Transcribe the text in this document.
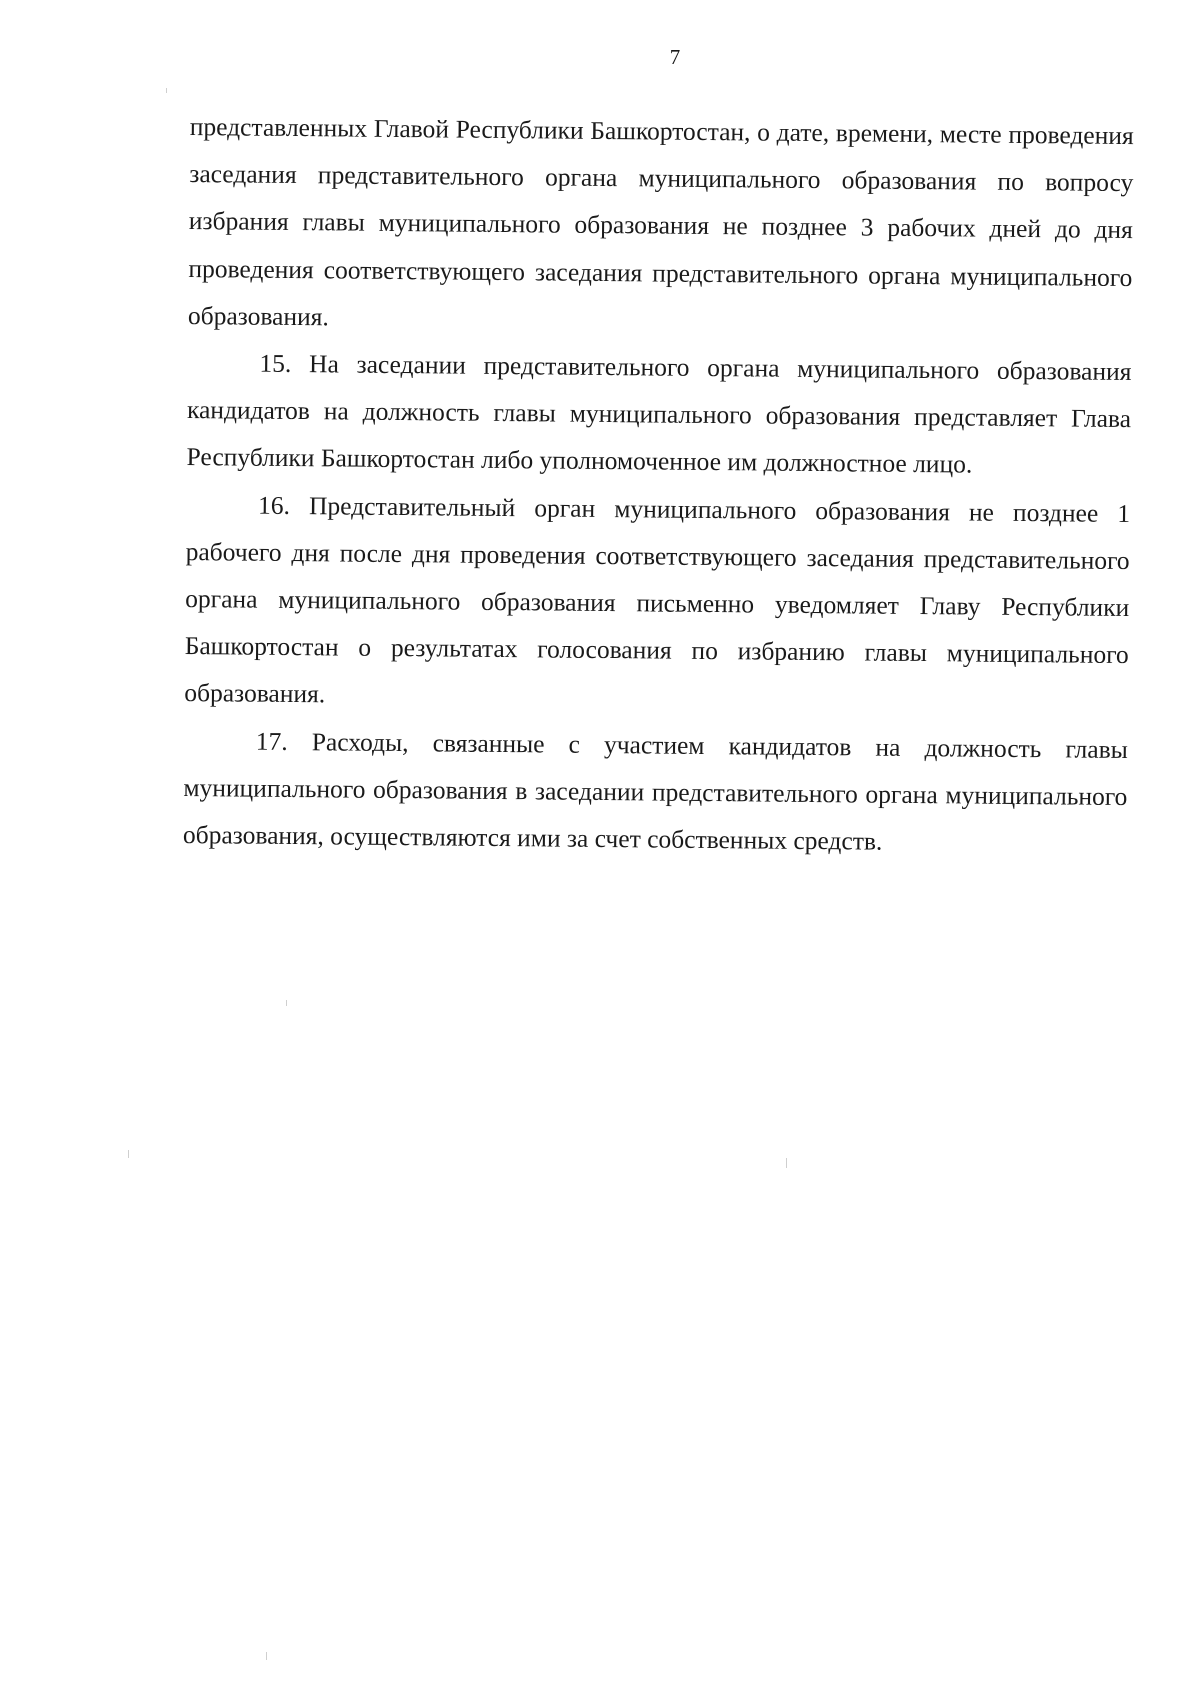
7

представленных Главой Республики Башкортостан, о дате, времени, месте проведения заседания представительного органа муниципального образования по вопросу избрания главы муниципального образования не позднее 3 рабочих дней до дня проведения соответствующего заседания представительного органа муниципального образования.

15. На заседании представительного органа муниципального образования кандидатов на должность главы муниципального образования представляет Глава Республики Башкортостан либо уполномоченное им должностное лицо.

16. Представительный орган муниципального образования не позднее 1 рабочего дня после дня проведения соответствующего заседания представительного органа муниципального образования письменно уведомляет Главу Республики Башкортостан о результатах голосования по избранию главы муниципального образования.

17. Расходы, связанные с участием кандидатов на должность главы муниципального образования в заседании представительного органа муниципального образования, осуществляются ими за счет собственных средств.
